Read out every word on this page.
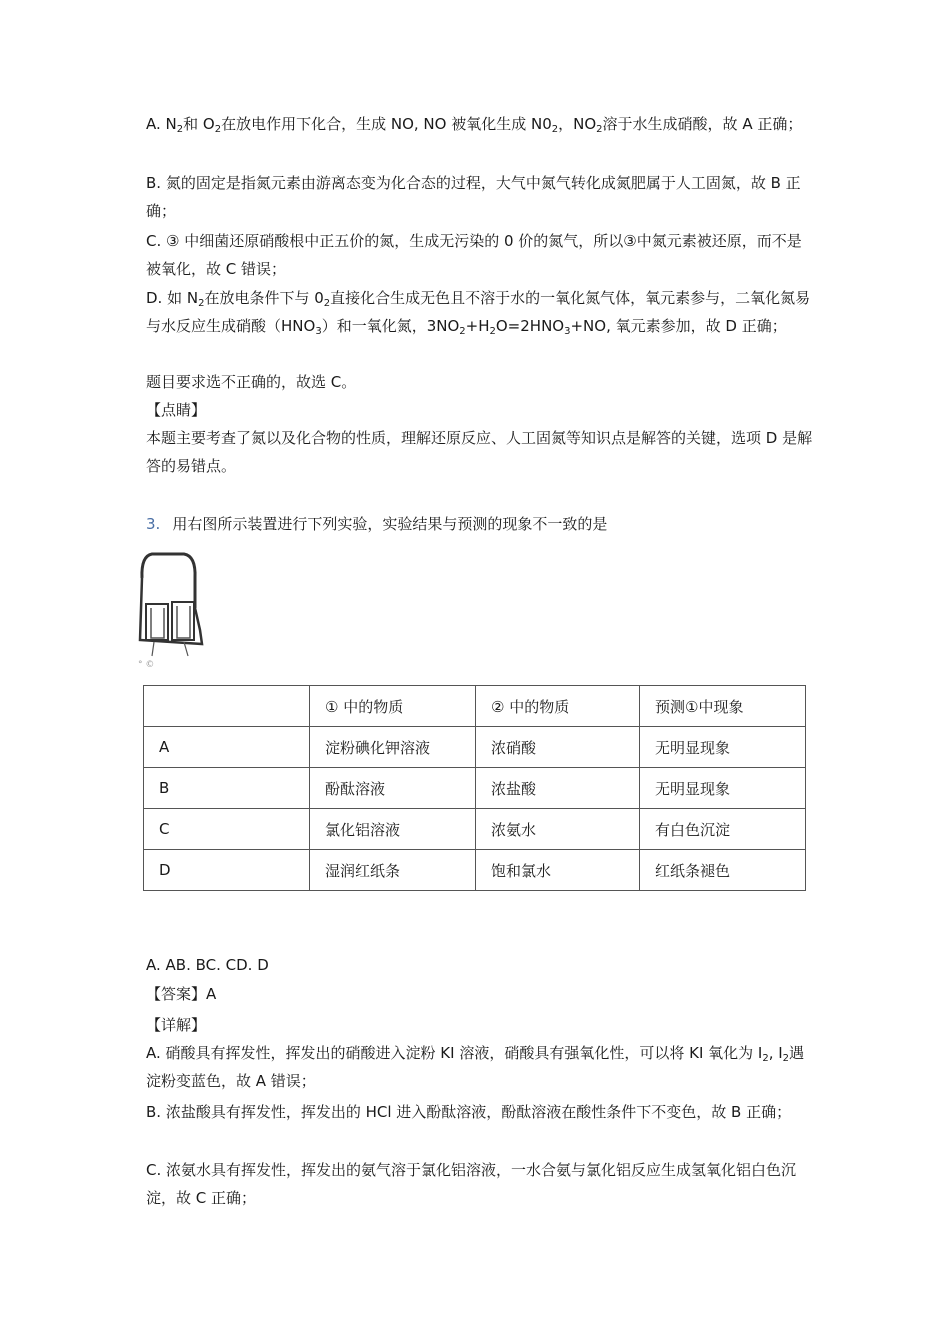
A. $N_2$和 $O_2$在放电作用下化合，生成 NO, NO 被氧化生成 $N0_2$，$NO_2$溶于水生成硝酸，故 A 正确；

B. 氮的固定是指氮元素由游离态变为化合态的过程，大气中氮气转化成氮肥属于人工固氮，故 B 正确；

C. ③ 中细菌还原硝酸根中正五价的氮，生成无污染的 0 价的氮气，所以③中氮元素被还原，而不是被氧化，故 C 错误；

D. 如 $N_2$在放电条件下与 $0_2$直接化合生成无色且不溶于水的一氧化氮气体，氧元素参与，二氧化氮易与水反应生成硝酸$(HNO_3)$和一氧化氮，$3NO_2+H_2O=2HNO_3+NO$, 氧元素参加，故 D 正确；

题目要求选不正确的，故选 C。

【点睛】

本题主要考查了氮以及化合物的性质，理解还原反应、人工固氮等知识点是解答的关键，选项 D 是解答的易错点。

3. 用右图所示装置进行下列实验，实验结果与预测的现象不一致的是

° ©
	① 中的物质	② 中的物质	预测①中现象
A	淀粉碘化钾溶液	浓硝酸	无明显现象
B	酚酞溶液	浓盐酸	无明显现象
C	氯化铝溶液	浓氨水	有白色沉淀
D	湿润红纸条	饱和氯水	红纸条褪色

A. AB. BC. CD. D

【答案】A

【详解】

A. 硝酸具有挥发性，挥发出的硝酸进入淀粉 KI 溶液，硝酸具有强氧化性，可以将 KI 氧化为 $I_2$, $I_2$遇淀粉变蓝色，故 A 错误；

B. 浓盐酸具有挥发性，挥发出的 HCl 进入酚酞溶液，酚酞溶液在酸性条件下不变色，故 B 正确；

C. 浓氨水具有挥发性，挥发出的氨气溶于氯化铝溶液，一水合氨与氯化铝反应生成氢氧化铝白色沉淀，故 C 正确；
